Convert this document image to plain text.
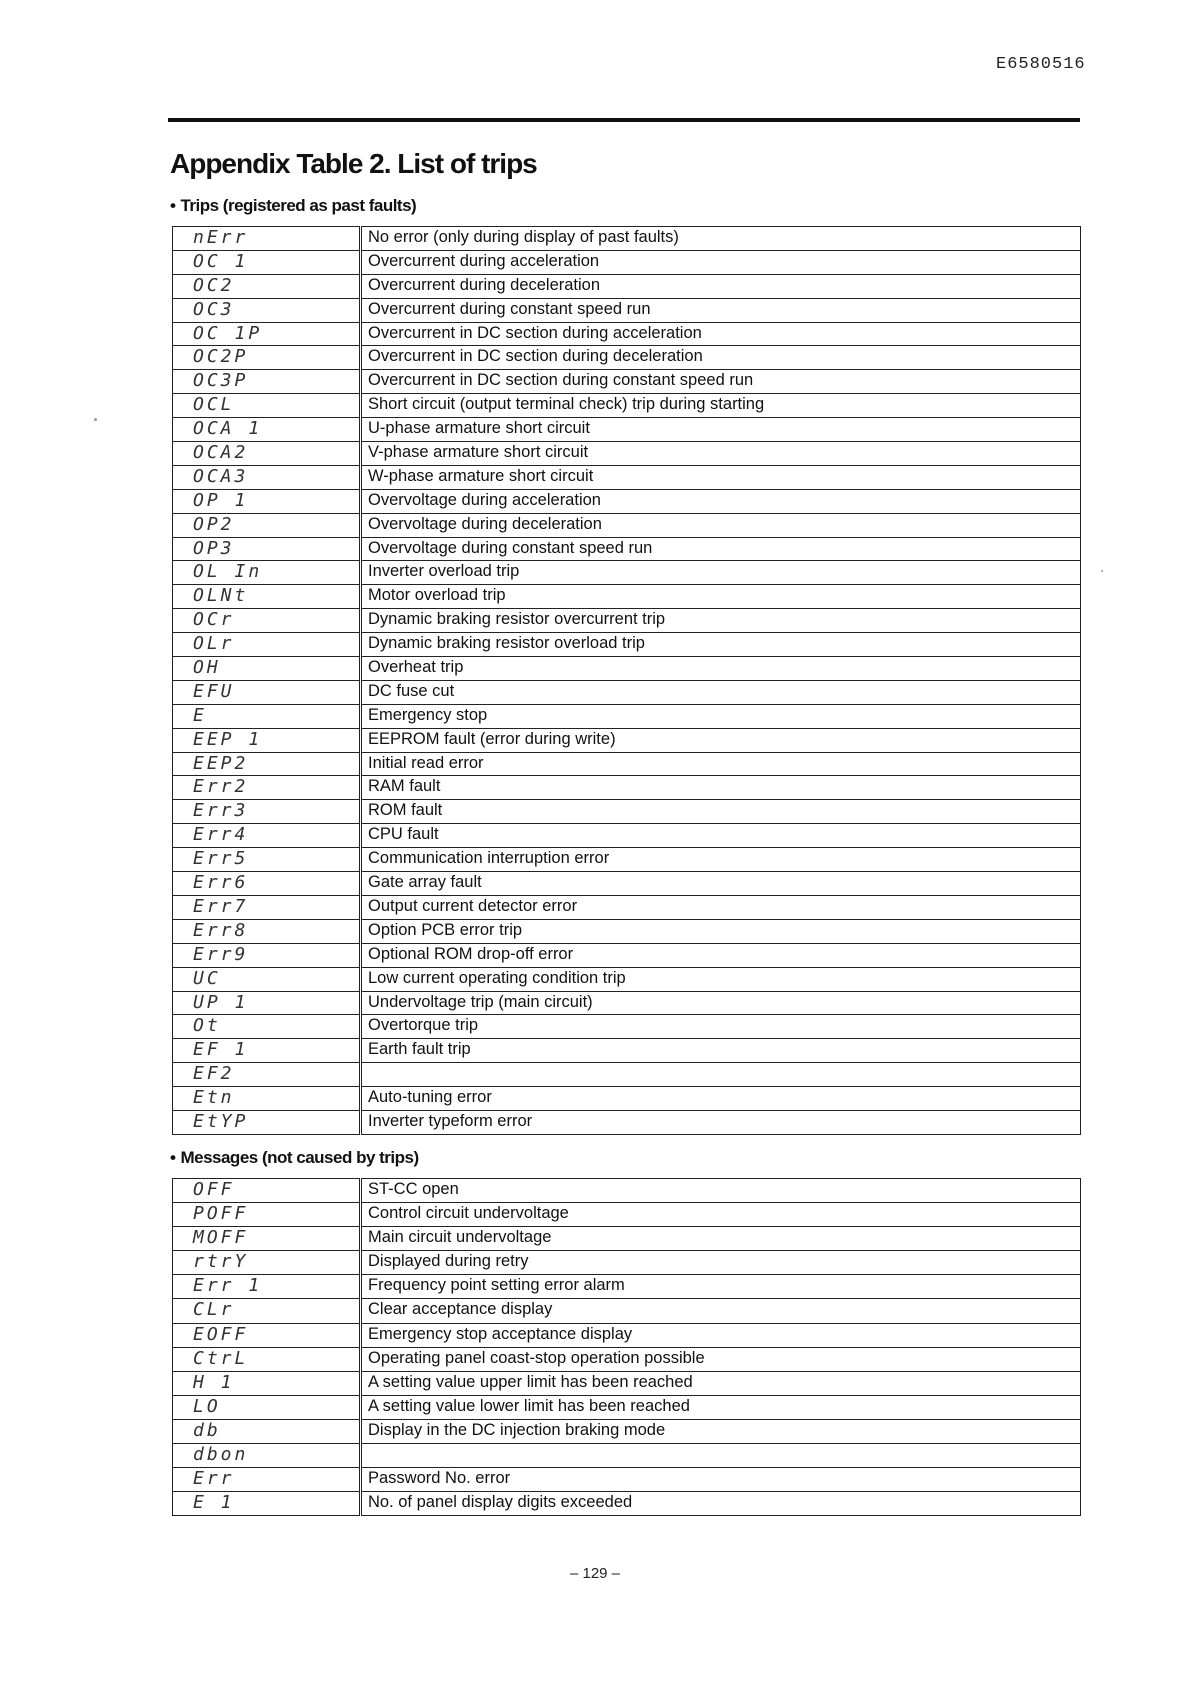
E6580516
Appendix Table 2. List of trips

• Trips (registered as past faults)

nErr	No error (only during display of past faults)
OC 1	Overcurrent during acceleration
OC2	Overcurrent during deceleration
OC3	Overcurrent during constant speed run
OC 1P	Overcurrent in DC section during acceleration
OC2P	Overcurrent in DC section during deceleration
OC3P	Overcurrent in DC section during constant speed run
OCL	Short circuit (output terminal check) trip during starting
OCA 1	U-phase armature short circuit
OCA2	V-phase armature short circuit
OCA3	W-phase armature short circuit
OP 1	Overvoltage during acceleration
OP2	Overvoltage during deceleration
OP3	Overvoltage during constant speed run
OL In	Inverter overload trip
OLNt	Motor overload trip
OCr	Dynamic braking resistor overcurrent trip
OLr	Dynamic braking resistor overload trip
OH	Overheat trip
EFU	DC fuse cut
E	Emergency stop
EEP 1	EEPROM fault (error during write)
EEP2	Initial read error
Err2	RAM fault
Err3	ROM fault
Err4	CPU fault
Err5	Communication interruption error
Err6	Gate array fault
Err7	Output current detector error
Err8	Option PCB error trip
Err9	Optional ROM drop-off error
UC	Low current operating condition trip
UP 1	Undervoltage trip (main circuit)
Ot	Overtorque trip
EF 1	Earth fault trip
EF2	
Etn	Auto-tuning error
EtYP	Inverter typeform error

• Messages (not caused by trips)

OFF	ST-CC open
POFF	Control circuit undervoltage
MOFF	Main circuit undervoltage
rtrY	Displayed during retry
Err 1	Frequency point setting error alarm
CLr	Clear acceptance display
EOFF	Emergency stop acceptance display
CtrL	Operating panel coast-stop operation possible
H 1	A setting value upper limit has been reached
LO	A setting value lower limit has been reached
db	Display in the DC injection braking mode
dbon	
Err	Password No. error
E 1	No. of panel display digits exceeded
– 129 –
